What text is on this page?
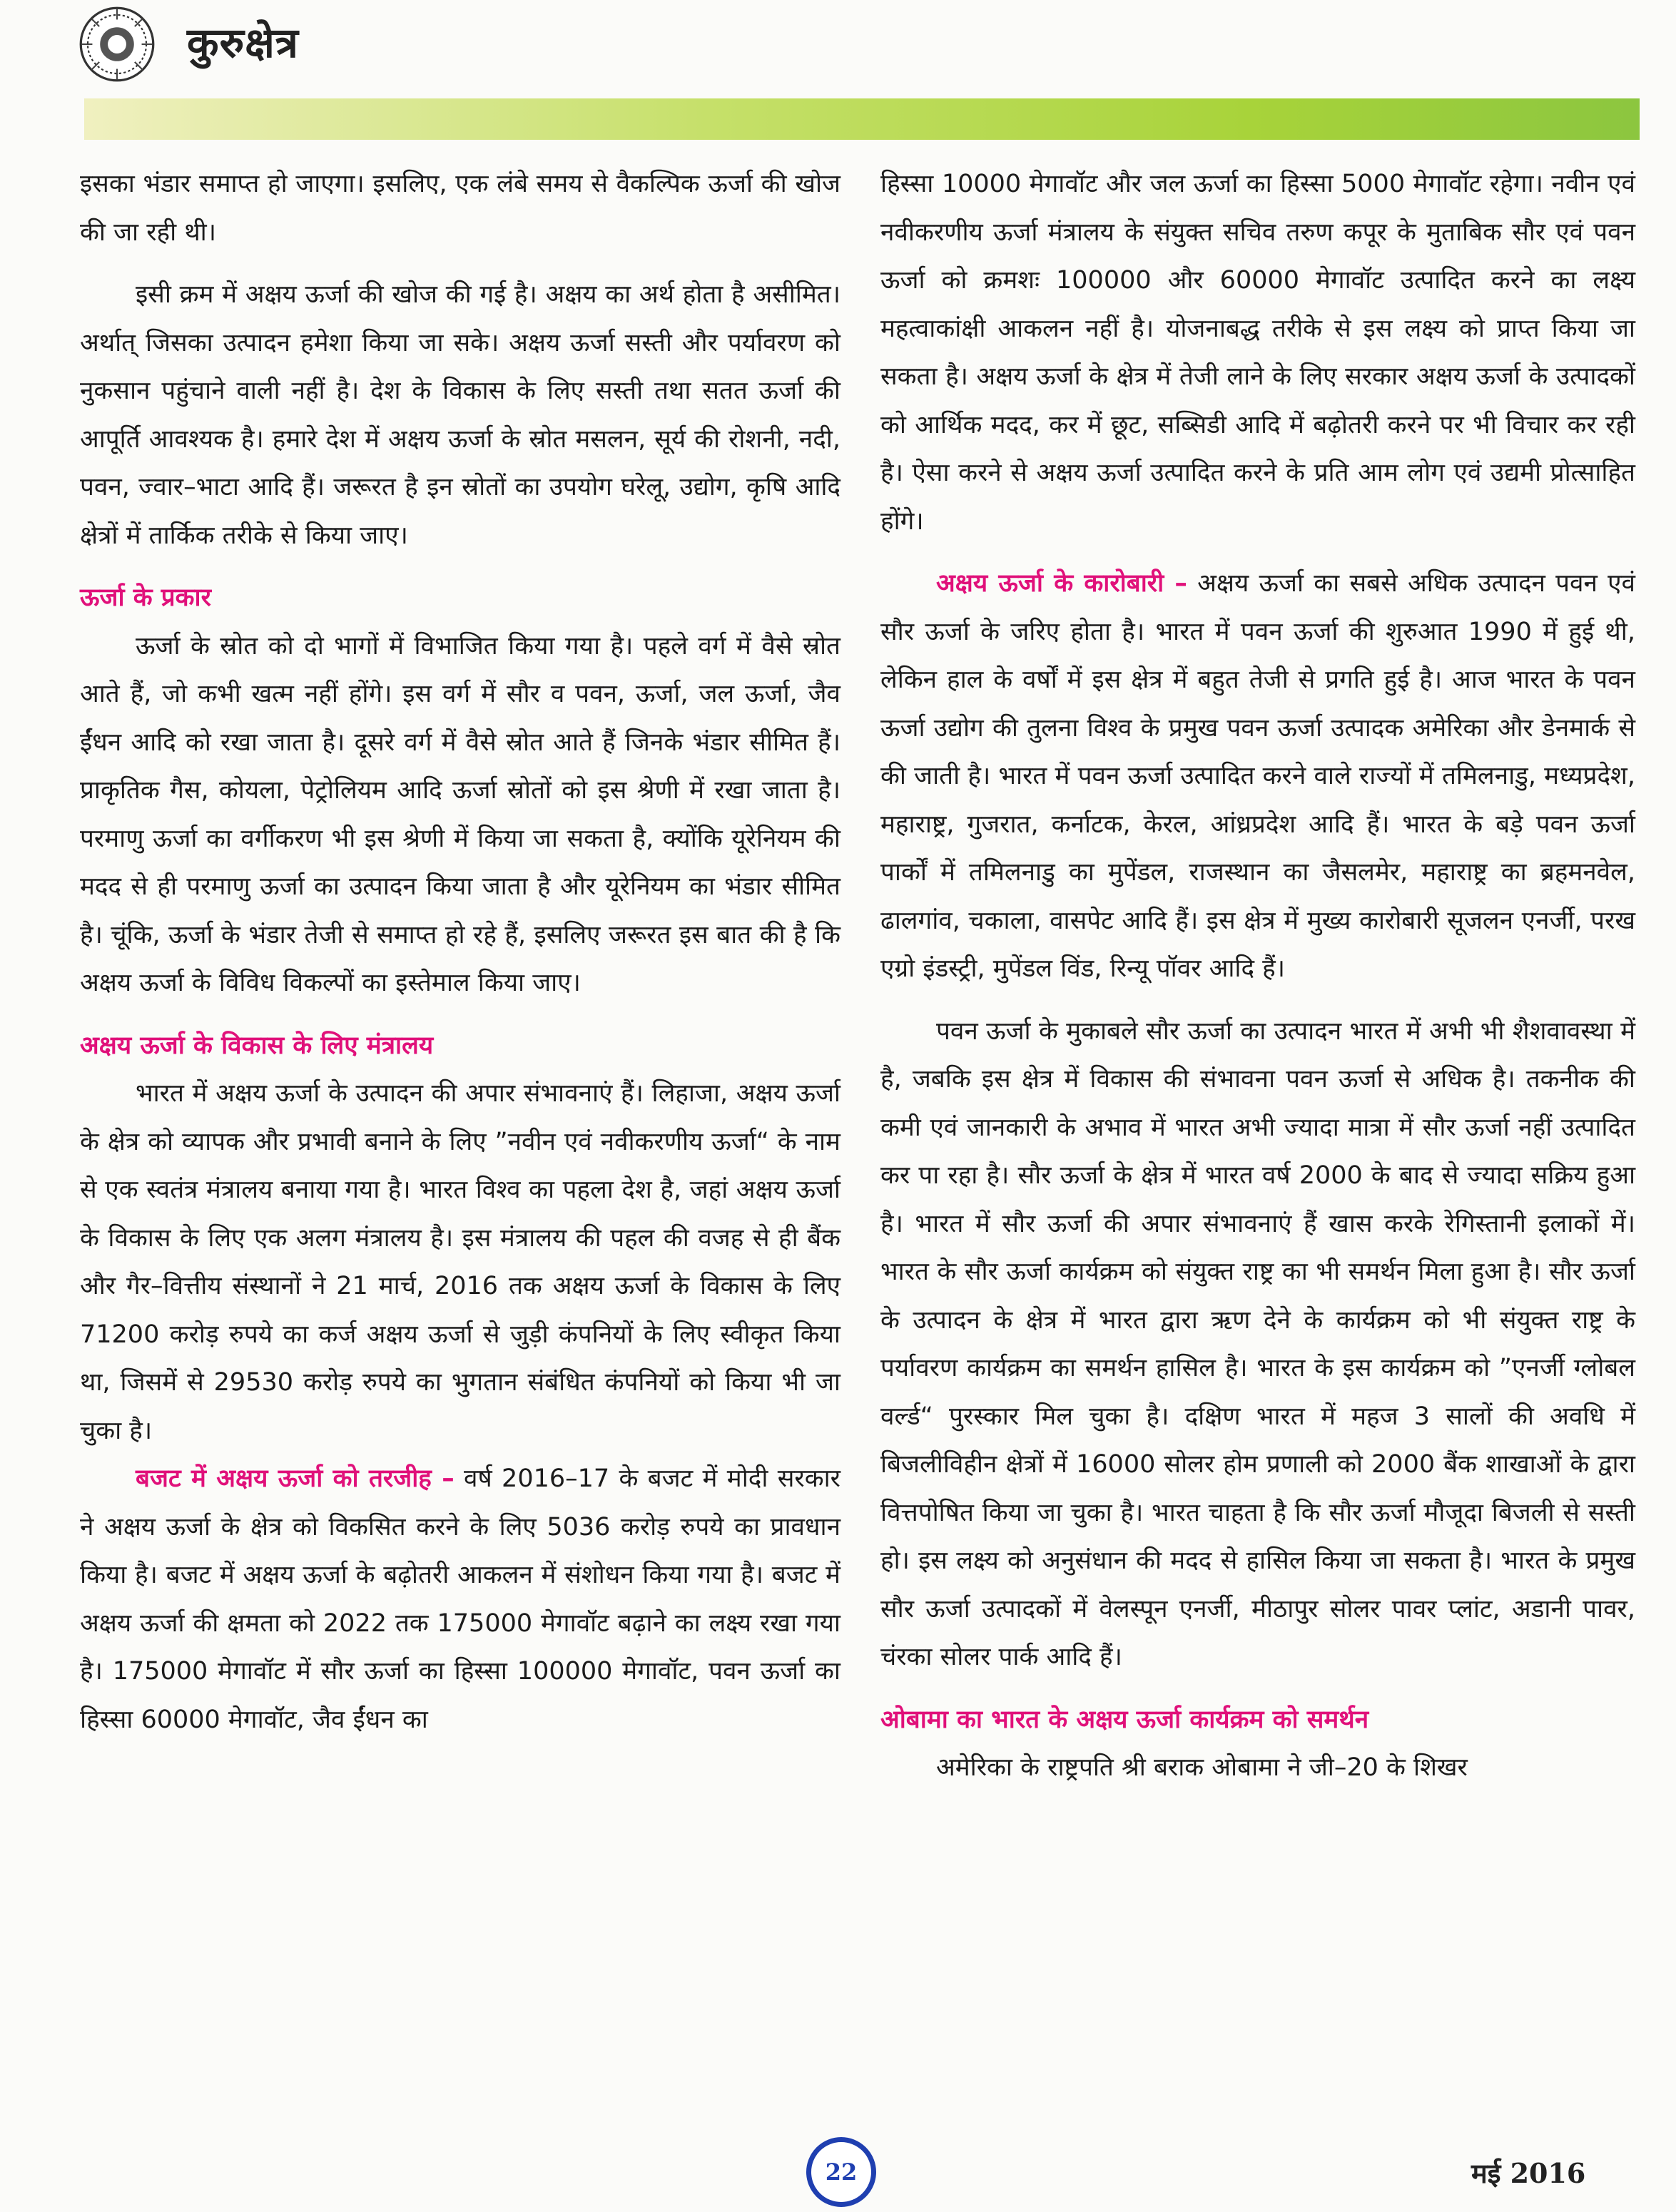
कुरुक्षेत्र

इसका भंडार समाप्त हो जाएगा। इसलिए, एक लंबे समय से वैकल्पिक ऊर्जा की खोज की जा रही थी।

इसी क्रम में अक्षय ऊर्जा की खोज की गई है। अक्षय का अर्थ होता है असीमित। अर्थात् जिसका उत्पादन हमेशा किया जा सके। अक्षय ऊर्जा सस्ती और पर्यावरण को नुकसान पहुंचाने वाली नहीं है। देश के विकास के लिए सस्ती तथा सतत ऊर्जा की आपूर्ति आवश्यक है। हमारे देश में अक्षय ऊर्जा के स्रोत मसलन, सूर्य की रोशनी, नदी, पवन, ज्वार–भाटा आदि हैं। जरूरत है इन स्रोतों का उपयोग घरेलू, उद्योग, कृषि आदि क्षेत्रों में तार्किक तरीके से किया जाए।

ऊर्जा के प्रकार

ऊर्जा के स्रोत को दो भागों में विभाजित किया गया है। पहले वर्ग में वैसे स्रोत आते हैं, जो कभी खत्म नहीं होंगे। इस वर्ग में सौर व पवन, ऊर्जा, जल ऊर्जा, जैव ईंधन आदि को रखा जाता है। दूसरे वर्ग में वैसे स्रोत आते हैं जिनके भंडार सीमित हैं। प्राकृतिक गैस, कोयला, पेट्रोलियम आदि ऊर्जा स्रोतों को इस श्रेणी में रखा जाता है। परमाणु ऊर्जा का वर्गीकरण भी इस श्रेणी में किया जा सकता है, क्योंकि यूरेनियम की मदद से ही परमाणु ऊर्जा का उत्पादन किया जाता है और यूरेनियम का भंडार सीमित है। चूंकि, ऊर्जा के भंडार तेजी से समाप्त हो रहे हैं, इसलिए जरूरत इस बात की है कि अक्षय ऊर्जा के विविध विकल्पों का इस्तेमाल किया जाए।

अक्षय ऊर्जा के विकास के लिए मंत्रालय

भारत में अक्षय ऊर्जा के उत्पादन की अपार संभावनाएं हैं। लिहाजा, अक्षय ऊर्जा के क्षेत्र को व्यापक और प्रभावी बनाने के लिए ”नवीन एवं नवीकरणीय ऊर्जा“ के नाम से एक स्वतंत्र मंत्रालय बनाया गया है। भारत विश्व का पहला देश है, जहां अक्षय ऊर्जा के विकास के लिए एक अलग मंत्रालय है। इस मंत्रालय की पहल की वजह से ही बैंक और गैर–वित्तीय संस्थानों ने 21 मार्च, 2016 तक अक्षय ऊर्जा के विकास के लिए 71200 करोड़ रुपये का कर्ज अक्षय ऊर्जा से जुड़ी कंपनियों के लिए स्वीकृत किया था, जिसमें से 29530 करोड़ रुपये का भुगतान संबंधित कंपनियों को किया भी जा चुका है।

बजट में अक्षय ऊर्जा को तरजीह – वर्ष 2016–17 के बजट में मोदी सरकार ने अक्षय ऊर्जा के क्षेत्र को विकसित करने के लिए 5036 करोड़ रुपये का प्रावधान किया है। बजट में अक्षय ऊर्जा के बढ़ोतरी आकलन में संशोधन किया गया है। बजट में अक्षय ऊर्जा की क्षमता को 2022 तक 175000 मेगावॉट बढ़ाने का लक्ष्य रखा गया है। 175000 मेगावॉट में सौर ऊर्जा का हिस्सा 100000 मेगावॉट, पवन ऊर्जा का हिस्सा 60000 मेगावॉट, जैव ईंधन का

हिस्सा 10000 मेगावॉट और जल ऊर्जा का हिस्सा 5000 मेगावॉट रहेगा। नवीन एवं नवीकरणीय ऊर्जा मंत्रालय के संयुक्त सचिव तरुण कपूर के मुताबिक सौर एवं पवन ऊर्जा को क्रमशः 100000 और 60000 मेगावॉट उत्पादित करने का लक्ष्य महत्वाकांक्षी आकलन नहीं है। योजनाबद्ध तरीके से इस लक्ष्य को प्राप्त किया जा सकता है। अक्षय ऊर्जा के क्षेत्र में तेजी लाने के लिए सरकार अक्षय ऊर्जा के उत्पादकों को आर्थिक मदद, कर में छूट, सब्सिडी आदि में बढ़ोतरी करने पर भी विचार कर रही है। ऐसा करने से अक्षय ऊर्जा उत्पादित करने के प्रति आम लोग एवं उद्यमी प्रोत्साहित होंगे।

अक्षय ऊर्जा के कारोबारी – अक्षय ऊर्जा का सबसे अधिक उत्पादन पवन एवं सौर ऊर्जा के जरिए होता है। भारत में पवन ऊर्जा की शुरुआत 1990 में हुई थी, लेकिन हाल के वर्षों में इस क्षेत्र में बहुत तेजी से प्रगति हुई है। आज भारत के पवन ऊर्जा उद्योग की तुलना विश्व के प्रमुख पवन ऊर्जा उत्पादक अमेरिका और डेनमार्क से की जाती है। भारत में पवन ऊर्जा उत्पादित करने वाले राज्यों में तमिलनाडु, मध्यप्रदेश, महाराष्ट्र, गुजरात, कर्नाटक, केरल, आंध्रप्रदेश आदि हैं। भारत के बड़े पवन ऊर्जा पार्कों में तमिलनाडु का मुपेंडल, राजस्थान का जैसलमेर, महाराष्ट्र का ब्रहमनवेल, ढालगांव, चकाला, वासपेट आदि हैं। इस क्षेत्र में मुख्य कारोबारी सूजलन एनर्जी, परख एग्रो इंडस्ट्री, मुपेंडल विंड, रिन्यू पॉवर आदि हैं।

पवन ऊर्जा के मुकाबले सौर ऊर्जा का उत्पादन भारत में अभी भी शैशवावस्था में है, जबकि इस क्षेत्र में विकास की संभावना पवन ऊर्जा से अधिक है। तकनीक की कमी एवं जानकारी के अभाव में भारत अभी ज्यादा मात्रा में सौर ऊर्जा नहीं उत्पादित कर पा रहा है। सौर ऊर्जा के क्षेत्र में भारत वर्ष 2000 के बाद से ज्यादा सक्रिय हुआ है। भारत में सौर ऊर्जा की अपार संभावनाएं हैं खास करके रेगिस्तानी इलाकों में। भारत के सौर ऊर्जा कार्यक्रम को संयुक्त राष्ट्र का भी समर्थन मिला हुआ है। सौर ऊर्जा के उत्पादन के क्षेत्र में भारत द्वारा ऋण देने के कार्यक्रम को भी संयुक्त राष्ट्र के पर्यावरण कार्यक्रम का समर्थन हासिल है। भारत के इस कार्यक्रम को ”एनर्जी ग्लोबल वर्ल्ड“ पुरस्कार मिल चुका है। दक्षिण भारत में महज 3 सालों की अवधि में बिजलीविहीन क्षेत्रों में 16000 सोलर होम प्रणाली को 2000 बैंक शाखाओं के द्वारा वित्तपोषित किया जा चुका है। भारत चाहता है कि सौर ऊर्जा मौजूदा बिजली से सस्ती हो। इस लक्ष्य को अनुसंधान की मदद से हासिल किया जा सकता है। भारत के प्रमुख सौर ऊर्जा उत्पादकों में वेलस्पून एनर्जी, मीठापुर सोलर पावर प्लांट, अडानी पावर, चंरका सोलर पार्क आदि हैं।

ओबामा का भारत के अक्षय ऊर्जा कार्यक्रम को समर्थन

अमेरिका के राष्ट्रपति श्री बराक ओबामा ने जी–20 के शिखर

22	मई 2016
